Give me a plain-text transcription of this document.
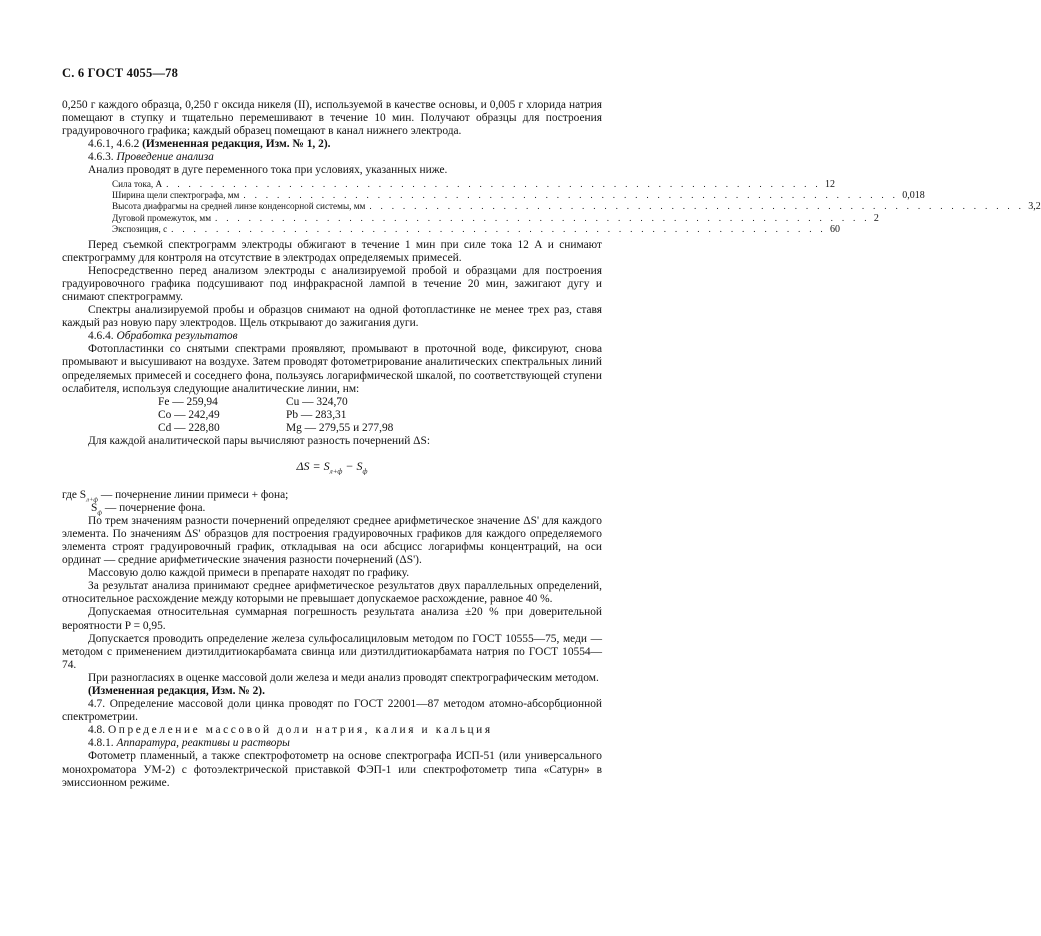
С. 6 ГОСТ 4055—78

0,250 г каждого образца, 0,250 г оксида никеля (II), используемой в качестве основы, и 0,005 г хлорида натрия помещают в ступку и тщательно перемешивают в течение 10 мин. Получают образцы для построения градуировочного графика; каждый образец помещают в канал нижнего электрода.

4.6.1, 4.6.2 (Измененная редакция, Изм. № 1, 2).

4.6.3. Проведение анализа

Анализ проводят в дуге переменного тока при условиях, указанных ниже.

Сила тока, А . . . . . . . . . . . . . . . . . . . . . . . . . . . . . . . . . . . . . . . . . . . . . . . . . . . . . . . . . . . 12
Ширина щели спектрографа, мм . . . . . . . . . . . . . . . . . . . . . . . . . . . . . . . . . . . . . . . . . . . . . . . . . . . . . . . . . . . 0,018
Высота диафрагмы на средней линзе конденсорной системы, мм . . . . . . . . . . . . . . . . . . . . . . . . . . . . . . . . . . . . . . . . . . . . . . . . . . . . . . . . . . . 3,2
Дуговой промежуток, мм . . . . . . . . . . . . . . . . . . . . . . . . . . . . . . . . . . . . . . . . . . . . . . . . . . . . . . . . . . . 2
Экспозиция, с . . . . . . . . . . . . . . . . . . . . . . . . . . . . . . . . . . . . . . . . . . . . . . . . . . . . . . . . . . . 60

Перед съемкой спектрограмм электроды обжигают в течение 1 мин при силе тока 12 А и снимают спектрограмму для контроля на отсутствие в электродах определяемых примесей.

Непосредственно перед анализом электроды с анализируемой пробой и образцами для построения градуировочного графика подсушивают под инфракрасной лампой в течение 20 мин, зажигают дугу и снимают спектрограмму.

Спектры анализируемой пробы и образцов снимают на одной фотопластинке не менее трех раз, ставя каждый раз новую пару электродов. Щель открывают до зажигания дуги.

4.6.4. Обработка результатов

Фотопластинки со снятыми спектрами проявляют, промывают в проточной воде, фиксируют, снова промывают и высушивают на воздухе. Затем проводят фотометрирование аналитических спектральных линий определяемых примесей и соседнего фона, пользуясь логарифмической шкалой, по соответствующей ступени ослабителя, используя следующие аналитические линии, нм:

Fe — 259,94	Cu — 324,70
Co — 242,49	Pb — 283,31
Cd — 228,80	Mg — 279,55 и 277,98

Для каждой аналитической пары вычисляют разность почернений ΔS:

$\Delta S = S_{л+ф} - S_ф$
где $S_{л+ф}$ — почернение линии примеси + фона;
$S_ф$ — почернение фона.

По трем значениям разности почернений определяют среднее арифметическое значение ΔS' для каждого элемента. По значениям ΔS' образцов для построения градуировочных графиков для каждого определяемого элемента строят градуировочный график, откладывая на оси абсцисс логарифмы концентраций, на оси ординат — средние арифметические значения разности почернений (ΔS').

Массовую долю каждой примеси в препарате находят по графику.

За результат анализа принимают среднее арифметическое результатов двух параллельных определений, относительное расхождение между которыми не превышает допускаемое расхождение, равное 40 %.

Допускаемая относительная суммарная погрешность результата анализа ±20 % при доверительной вероятности P = 0,95.

Допускается проводить определение железа сульфосалициловым методом по ГОСТ 10555—75, меди — методом с применением диэтилдитиокарбамата свинца или диэтилдитиокарбамата натрия по ГОСТ 10554—74.

При разногласиях в оценке массовой доли железа и меди анализ проводят спектрографическим методом.

(Измененная редакция, Изм. № 2).

4.7. Определение массовой доли цинка проводят по ГОСТ 22001—87 методом атомно-абсорбционной спектрометрии.

4.8. Определение массовой доли натрия, калия и кальция

4.8.1. Аппаратура, реактивы и растворы

Фотометр пламенный, а также спектрофотометр на основе спектрографа ИСП-51 (или универсального монохроматора УМ-2) с фотоэлектрической приставкой ФЭП-1 или спектрофотометр типа «Сатурн» в эмиссионном режиме.
